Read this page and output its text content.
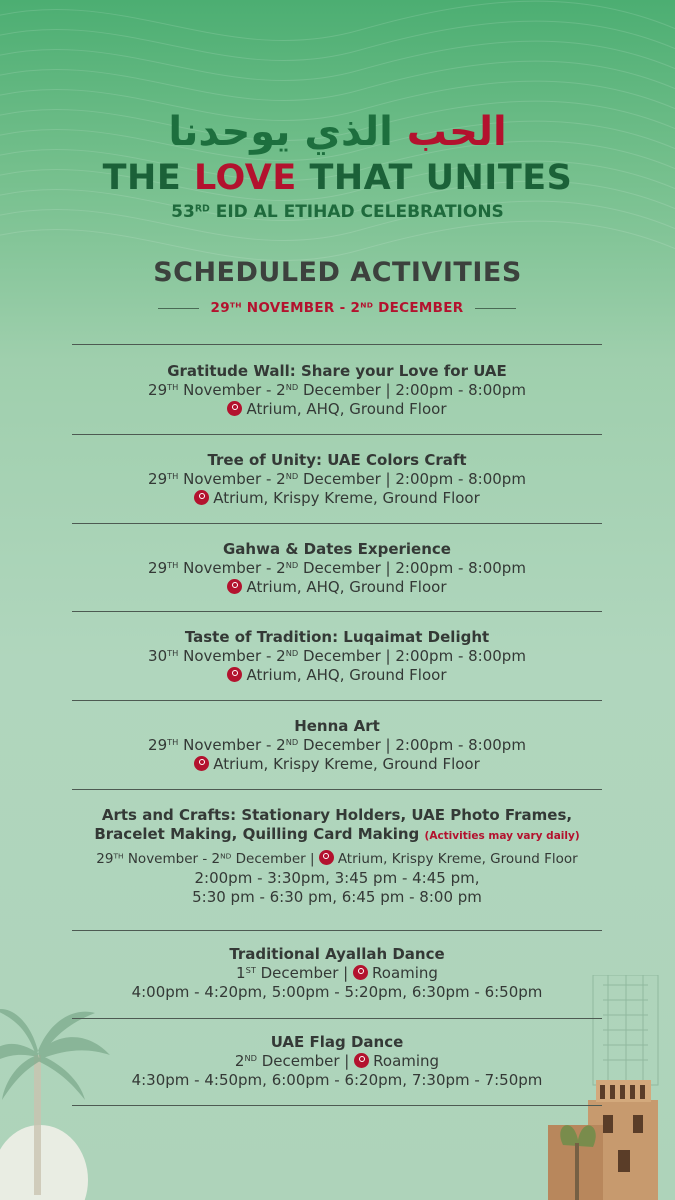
الحب الذي يوحدنا
THE LOVE THAT UNITES
53RD EID AL ETIHAD CELEBRATIONS
SCHEDULED ACTIVITIES
29TH NOVEMBER - 2ND DECEMBER
Gratitude Wall: Share your Love for UAE
29TH November - 2ND December | 2:00pm - 8:00pm
Atrium, AHQ, Ground Floor
Tree of Unity: UAE Colors Craft
29TH November - 2ND December | 2:00pm - 8:00pm
Atrium, Krispy Kreme, Ground Floor
Gahwa & Dates Experience
29TH November - 2ND December | 2:00pm - 8:00pm
Atrium, AHQ, Ground Floor
Taste of Tradition: Luqaimat Delight
30TH November - 2ND December | 2:00pm - 8:00pm
Atrium, AHQ, Ground Floor
Henna Art
29TH November - 2ND December | 2:00pm - 8:00pm
Atrium, Krispy Kreme, Ground Floor
Arts and Crafts: Stationary Holders, UAE Photo Frames,
Bracelet Making, Quilling Card Making (Activities may vary daily)
29TH November - 2ND December | Atrium, Krispy Kreme, Ground Floor
2:00pm - 3:30pm, 3:45 pm - 4:45 pm,
5:30 pm - 6:30 pm, 6:45 pm - 8:00 pm
Traditional Ayallah Dance
1ST December | Roaming
4:00pm - 4:20pm, 5:00pm - 5:20pm, 6:30pm - 6:50pm
UAE Flag Dance
2ND December | Roaming
4:30pm - 4:50pm, 6:00pm - 6:20pm, 7:30pm - 7:50pm
